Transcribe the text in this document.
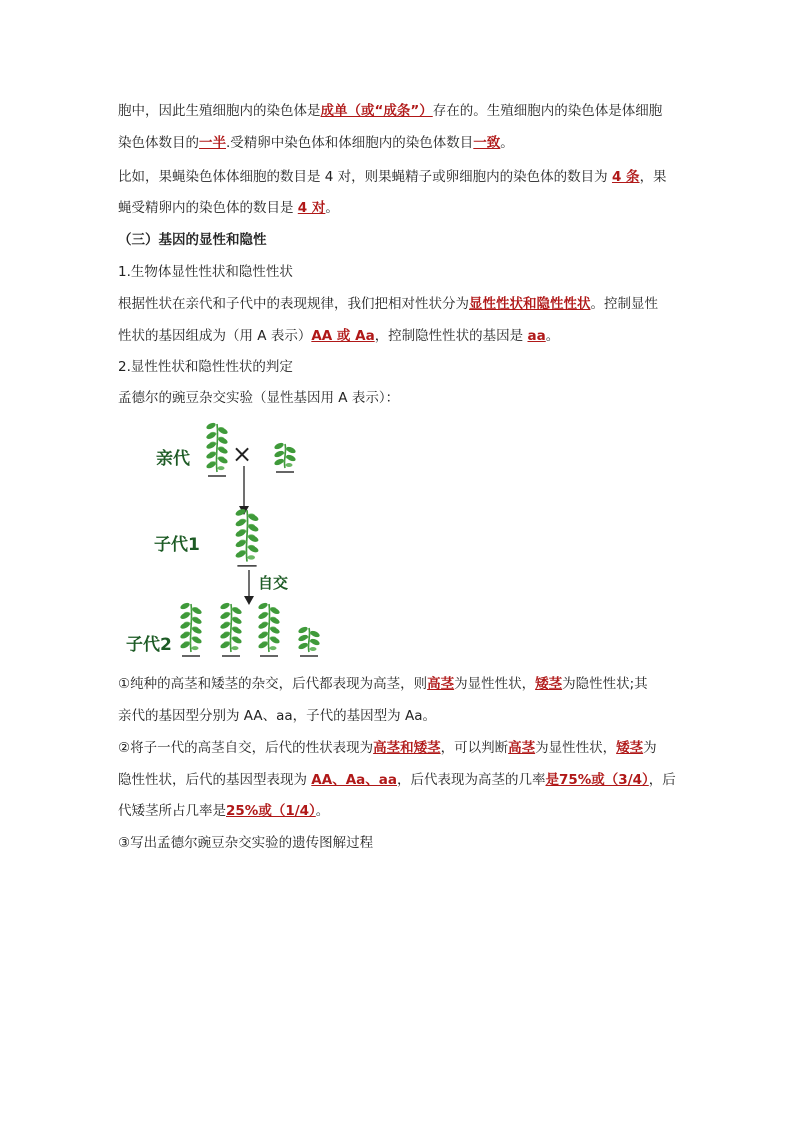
胞中，因此生殖细胞内的染色体是成单（或“成条”）存在的。生殖细胞内的染色体是体细胞
染色体数目的一半.受精卵中染色体和体细胞内的染色体数目一致。
比如，果蝇染色体体细胞的数目是 4 对，则果蝇精子或卵细胞内的染色体的数目为 4 条，果
蝇受精卵内的染色体的数目是 4 对。
（三）基因的显性和隐性
1.生物体显性性状和隐性性状
根据性状在亲代和子代中的表现规律，我们把相对性状分为显性性状和隐性性状。控制显性
性状的基因组成为（用 A 表示）AA 或 Aa，控制隐性性状的基因是 aa。
2.显性性状和隐性性状的判定
孟德尔的豌豆杂交实验（显性基因用 A 表示）：
亲代 ×
子代1
自交
子代2
①纯种的高茎和矮茎的杂交，后代都表现为高茎，则高茎为显性性状，矮茎为隐性性状;其
亲代的基因型分别为 AA、aa，子代的基因型为 Aa。
②将子一代的高茎自交，后代的性状表现为高茎和矮茎，可以判断高茎为显性性状，矮茎为
隐性性状，后代的基因型表现为 AA、Aa、aa，后代表现为高茎的几率是75%或（3/4），后
代矮茎所占几率是25%或（1/4）。
③写出孟德尔豌豆杂交实验的遗传图解过程
